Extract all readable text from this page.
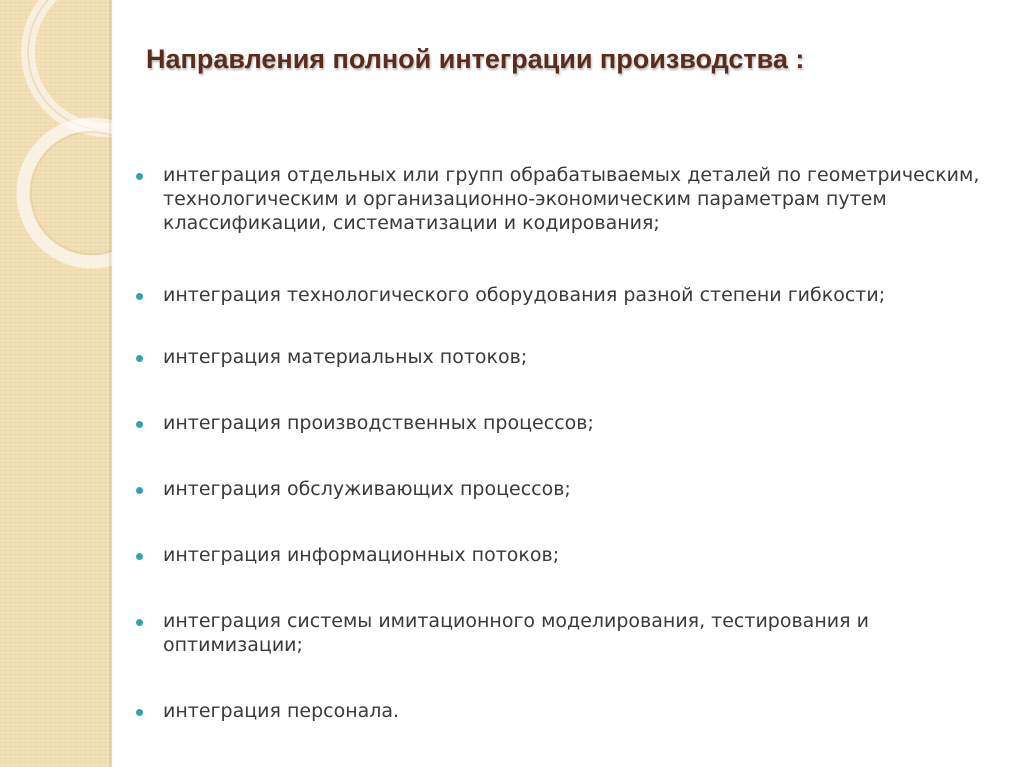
Направления полной интеграции производства :
интеграция отдельных или групп обрабатываемых деталей по геометрическим, технологическим и организационно-экономическим параметрам путем классификации, систематизации и кодирования;
интеграция технологического оборудования разной степени гибкости;
интеграция материальных потоков;
интеграция производственных процессов;
интеграция обслуживающих процессов;
интеграция информационных потоков;
интеграция системы имитационного моделирования, тестирования и оптимизации;
интеграция персонала.
